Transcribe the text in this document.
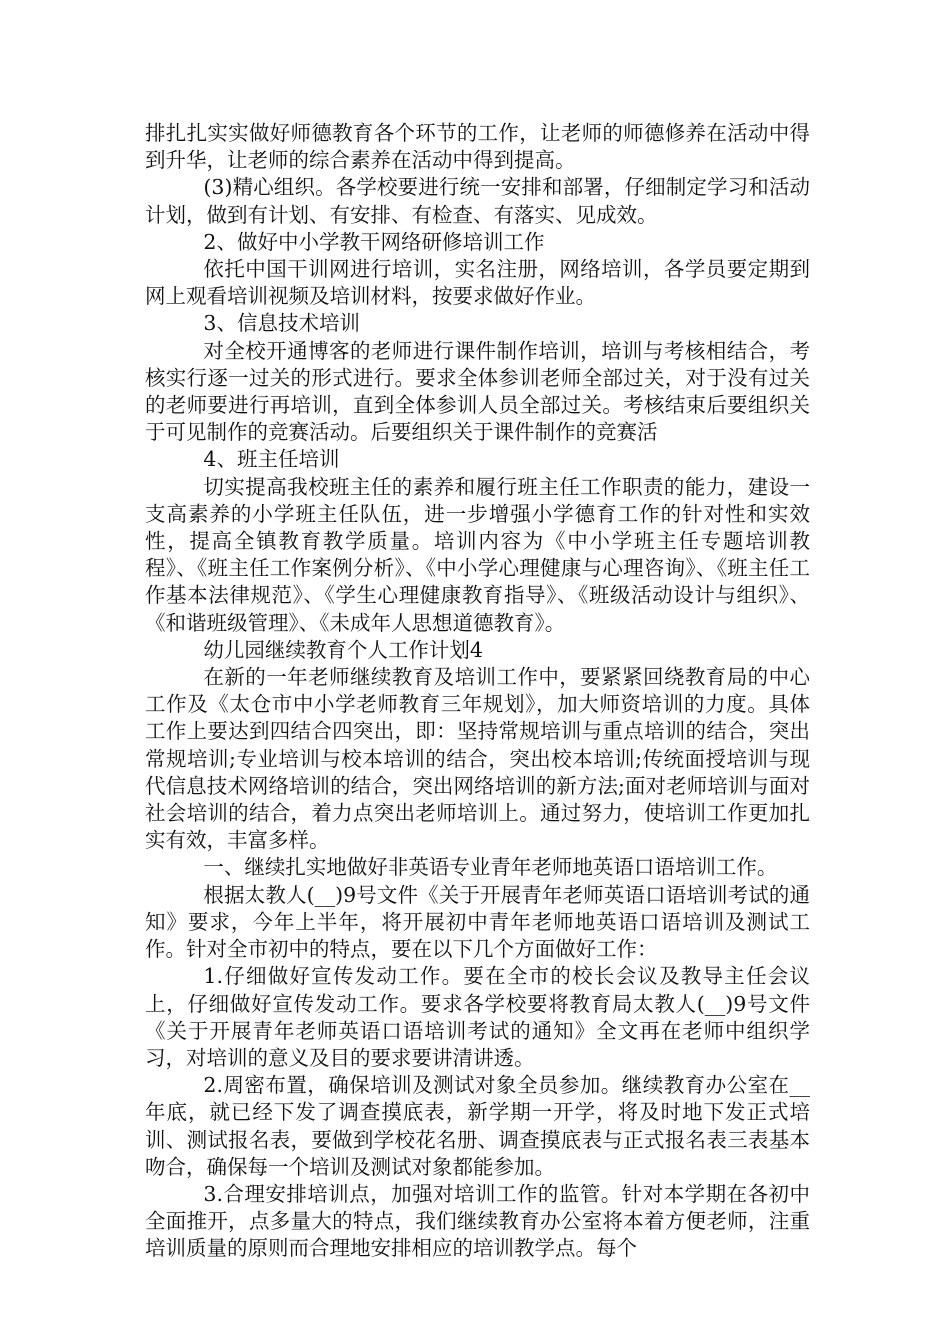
排扎扎实实做好师德教育各个环节的工作，让老师的师德修养在活动中得到升华，让老师的综合素养在活动中得到提高。

(3)精心组织。各学校要进行统一安排和部署，仔细制定学习和活动计划，做到有计划、有安排、有检查、有落实、见成效。

2、做好中小学教干网络研修培训工作

依托中国干训网进行培训，实名注册，网络培训，各学员要定期到网上观看培训视频及培训材料，按要求做好作业。

3、信息技术培训

对全校开通博客的老师进行课件制作培训，培训与考核相结合，考核实行逐一过关的形式进行。要求全体参训老师全部过关，对于没有过关的老师要进行再培训，直到全体参训人员全部过关。考核结束后要组织关于可见制作的竞赛活动。后要组织关于课件制作的竞赛活

4、班主任培训

切实提高我校班主任的素养和履行班主任工作职责的能力，建设一支高素养的小学班主任队伍，进一步增强小学德育工作的针对性和实效性，提高全镇教育教学质量。培训内容为《中小学班主任专题培训教程》、《班主任工作案例分析》、《中小学心理健康与心理咨询》、《班主任工作基本法律规范》、《学生心理健康教育指导》、《班级活动设计与组织》、《和谐班级管理》、《未成年人思想道德教育》。

幼儿园继续教育个人工作计划4

在新的一年老师继续教育及培训工作中，要紧紧回绕教育局的中心工作及《太仓市中小学老师教育三年规划》，加大师资培训的力度。具体工作上要达到四结合四突出，即：坚持常规培训与重点培训的结合，突出常规培训;专业培训与校本培训的结合，突出校本培训;传统面授培训与现代信息技术网络培训的结合，突出网络培训的新方法;面对老师培训与面对社会培训的结合，着力点突出老师培训上。通过努力，使培训工作更加扎实有效，丰富多样。

一、继续扎实地做好非英语专业青年老师地英语口语培训工作。

根据太教人(__)9号文件《关于开展青年老师英语口语培训考试的通知》要求，今年上半年，将开展初中青年老师地英语口语培训及测试工作。针对全市初中的特点，要在以下几个方面做好工作：

1.仔细做好宣传发动工作。要在全市的校长会议及教导主任会议上，仔细做好宣传发动工作。要求各学校要将教育局太教人(__)9号文件《关于开展青年老师英语口语培训考试的通知》全文再在老师中组织学习，对培训的意义及目的要求要讲清讲透。

2.周密布置，确保培训及测试对象全员参加。继续教育办公室在__年底，就已经下发了调查摸底表，新学期一开学，将及时地下发正式培训、测试报名表，要做到学校花名册、调查摸底表与正式报名表三表基本吻合，确保每一个培训及测试对象都能参加。

3.合理安排培训点，加强对培训工作的监管。针对本学期在各初中全面推开，点多量大的特点，我们继续教育办公室将本着方便老师，注重培训质量的原则而合理地安排相应的培训教学点。每个
